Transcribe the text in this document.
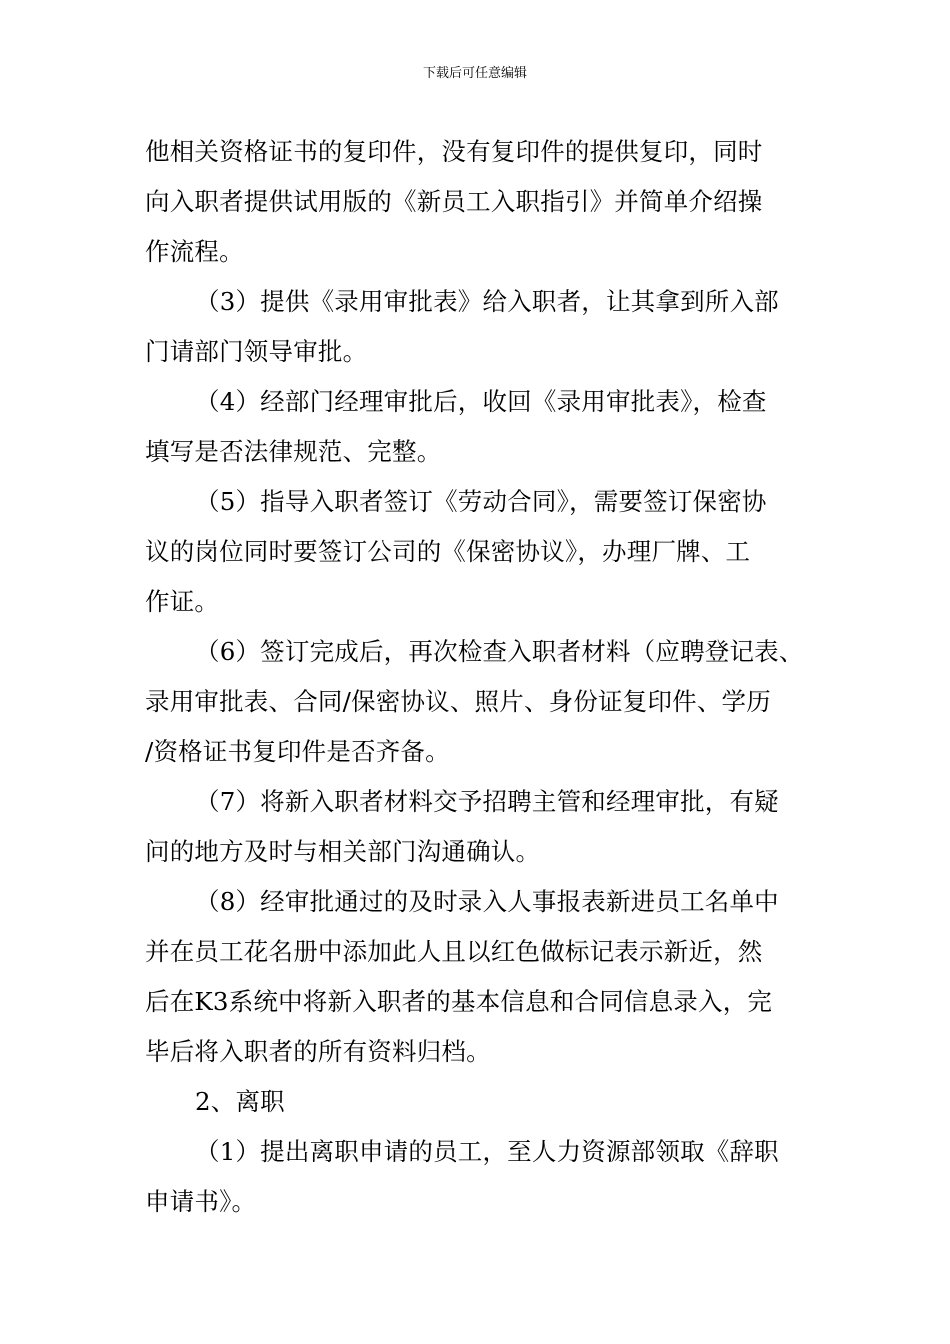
下载后可任意编辑
他相关资格证书的复印件，没有复印件的提供复印，同时
向入职者提供试用版的《新员工入职指引》并简单介绍操
作流程。
（3）提供《录用审批表》给入职者，让其拿到所入部
门请部门领导审批。
（4）经部门经理审批后，收回《录用审批表》，检查
填写是否法律规范、完整。
（5）指导入职者签订《劳动合同》，需要签订保密协
议的岗位同时要签订公司的《保密协议》，办理厂牌、工
作证。
（6）签订完成后，再次检查入职者材料（应聘登记表、
录用审批表、合同/保密协议、照片、身份证复印件、学历
/资格证书复印件是否齐备。
（7）将新入职者材料交予招聘主管和经理审批，有疑
问的地方及时与相关部门沟通确认。
（8）经审批通过的及时录入人事报表新进员工名单中
并在员工花名册中添加此人且以红色做标记表示新近，然
后在K3系统中将新入职者的基本信息和合同信息录入，完
毕后将入职者的所有资料归档。
2、离职
（1）提出离职申请的员工，至人力资源部领取《辞职
申请书》。
